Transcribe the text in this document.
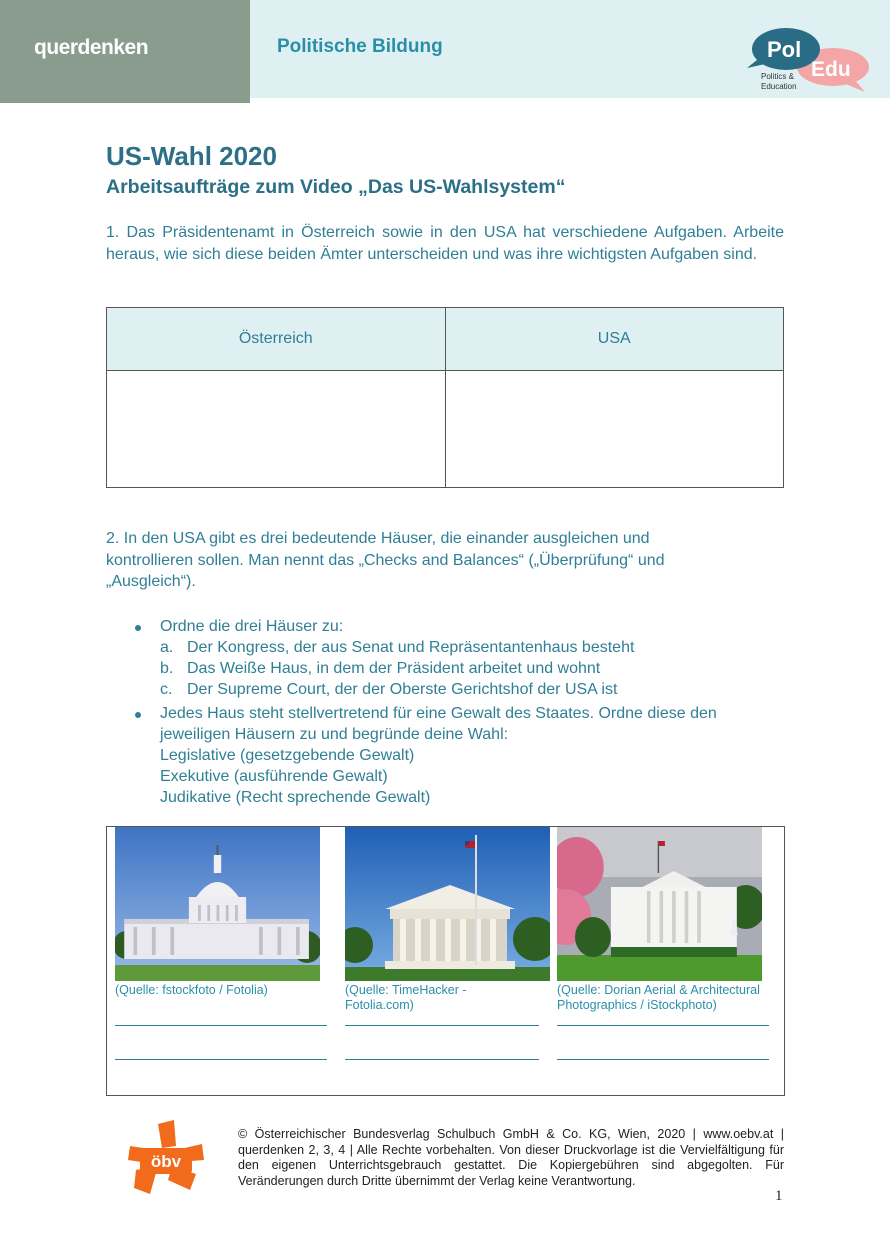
querdenken	Politische Bildung	Pol
Edu
Politics &
Education
US-Wahl 2020
Arbeitsaufträge zum Video „Das US-Wahlsystem“

1. Das Präsidentenamt in Österreich sowie in den USA hat verschiedene Aufgaben. Arbeite heraus, wie sich diese beiden Ämter unterscheiden und was ihre wichtigsten Aufgaben sind.

Österreich	USA

2. In den USA gibt es drei bedeutende Häuser, die einander ausgleichen und
kontrollieren sollen. Man nennt das „Checks and Balances“ („Überprüfung“ und
„Ausgleich“).
Ordne die drei Häuser zu:
a. Der Kongress, der aus Senat und Repräsentantenhaus besteht
b. Das Weiße Haus, in dem der Präsident arbeitet und wohnt
c. Der Supreme Court, der der Oberste Gerichtshof der USA ist
Jedes Haus steht stellvertretend für eine Gewalt des Staates. Ordne diese den
jeweiligen Häusern zu und begründe deine Wahl:
Legislative (gesetzgebende Gewalt)
Exekutive (ausführende Gewalt)
Judikative (Recht sprechende Gewalt)
(Quelle: fstockfoto / Fotolia)	(Quelle: TimeHacker -
Fotolia.com)
(Quelle: Dorian Aerial & Architectural
Photographics / iStockphoto)
öbv

© Österreichischer Bundesverlag Schulbuch GmbH & Co. KG, Wien, 2020 | www.oebv.at | querdenken 2, 3, 4 | Alle Rechte vorbehalten. Von dieser Druckvorlage ist die Vervielfältigung für den eigenen Unterrichtsgebrauch gestattet. Die Kopiergebühren sind abgegolten. Für Veränderungen durch Dritte übernimmt der Verlag keine Verantwortung.

1
